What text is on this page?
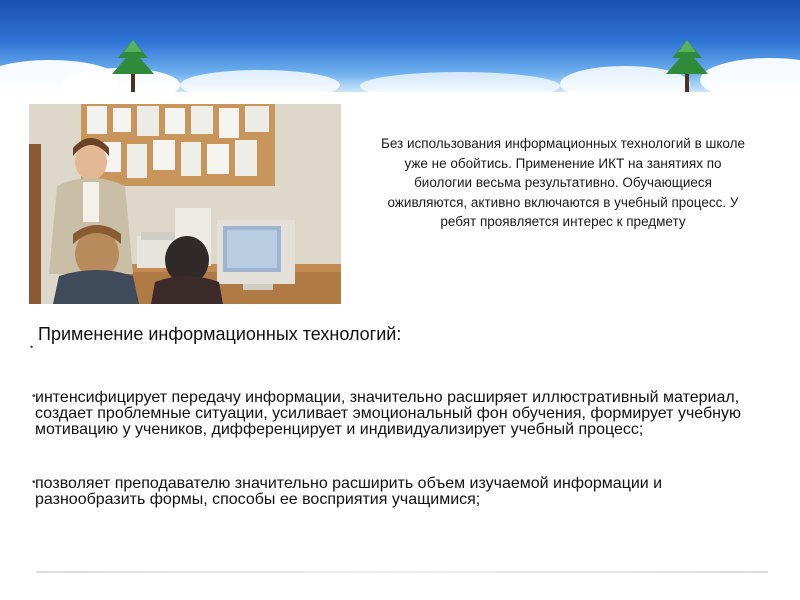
Без использования информационных технологий в школе уже не обойтись. Применение ИКТ на занятиях по биологии весьма результативно. Обучающиеся оживляются, активно включаются в учебный процесс. У ребят проявляется интерес к предмету
•
Применение информационных технологий:
• интенсифицирует передачу информации, значительно расширяет иллюстративный материал, создает проблемные ситуации, усиливает эмоциональный фон обучения, формирует учебную мотивацию у учеников, дифференцирует и индивидуализирует учебный процесс;
• позволяет преподавателю значительно расширить объем изучаемой информации и разнообразить формы, способы ее восприятия учащимися;
